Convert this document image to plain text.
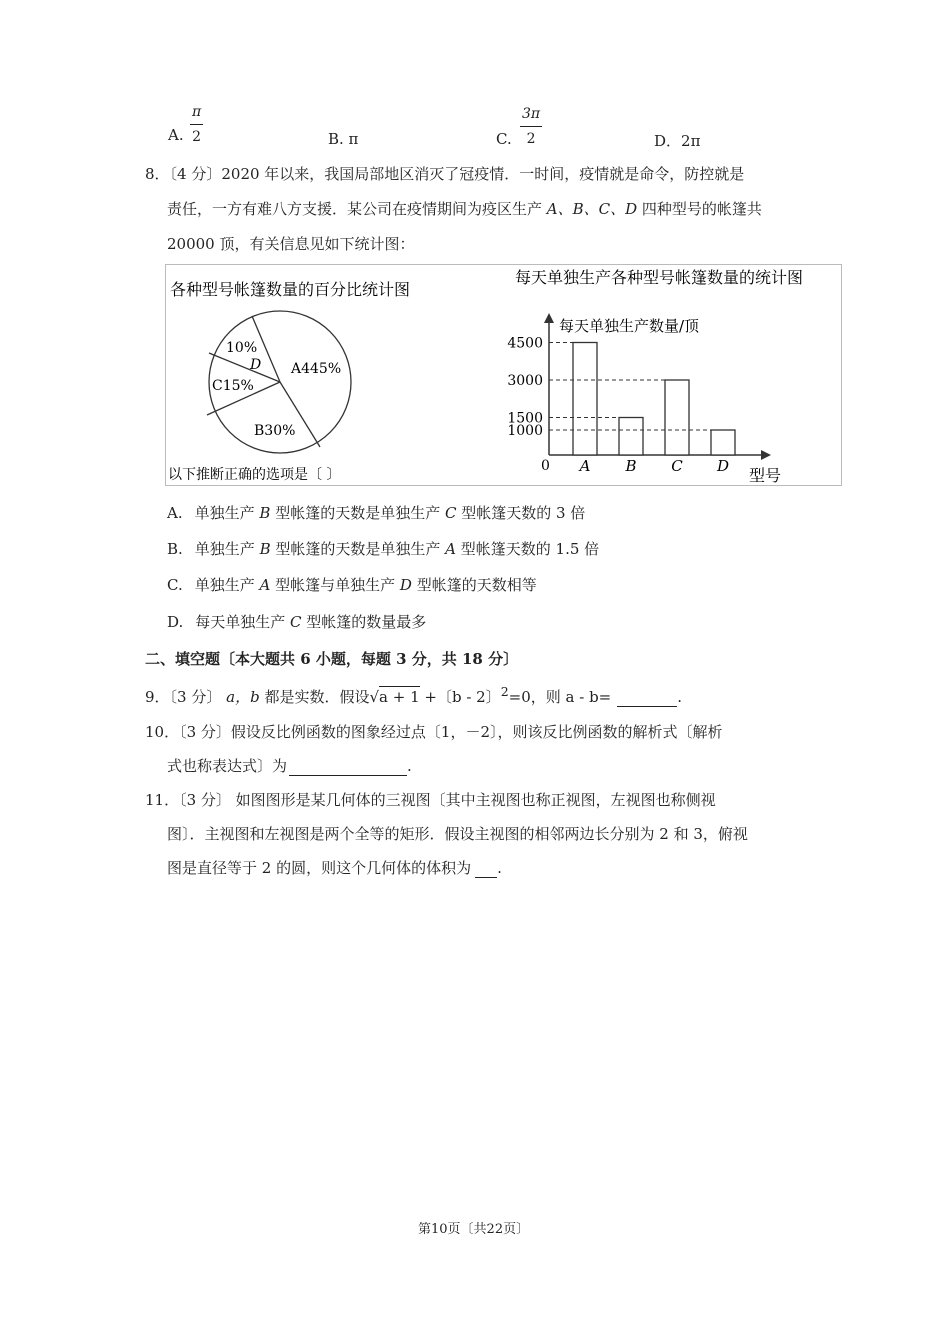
A. $\frac{\pi}{2}$	B. π	C. $\frac{3\pi}{2}$	D．2π
8．〔4 分〕2020 年以来，我国局部地区消灭了冠疫情．一时间，疫情就是命令，防控就是
责任，一方有难八方支援．某公司在疫情期间为疫区生产 A、B、C、D 四种型号的帐篷共
20000 顶，有关信息见如下统计图：
各种型号帐篷数量的百分比统计图
10%
D
C15%
A445%
B30%
以下推断正确的选项是〔 〕
每天单独生产各种型号帐篷数量的统计图
每天单独生产数量/顶
型号
0
1000
1500
3000
4500
A B C D
A. 单独生产 B 型帐篷的天数是单独生产 C 型帐篷天数的 3 倍
B. 单独生产 B 型帐篷的天数是单独生产 A 型帐篷天数的 1.5 倍
C. 单独生产 A 型帐篷与单独生产 D 型帐篷的天数相等
D. 每天单独生产 C 型帐篷的数量最多
二、填空题〔本大题共 6 小题，每题 3 分，共 18 分〕
9．〔3 分〕 a，b 都是实数．假设√a + 1 +〔b - 2〕$^2$=0，则 a - b=	.
10．〔3 分〕假设反比例函数的图象经过点〔1，－2〕，则该反比例函数的解析式〔解析
式也称表达式〕为	.
11．〔3 分〕 如图图形是某几何体的三视图〔其中主视图也称正视图，左视图也称侧视
图〕．主视图和左视图是两个全等的矩形．假设主视图的相邻两边长分别为 2 和 3，俯视
图是直径等于 2 的圆，则这个几何体的体积为 .
第10页〔共22页〕
